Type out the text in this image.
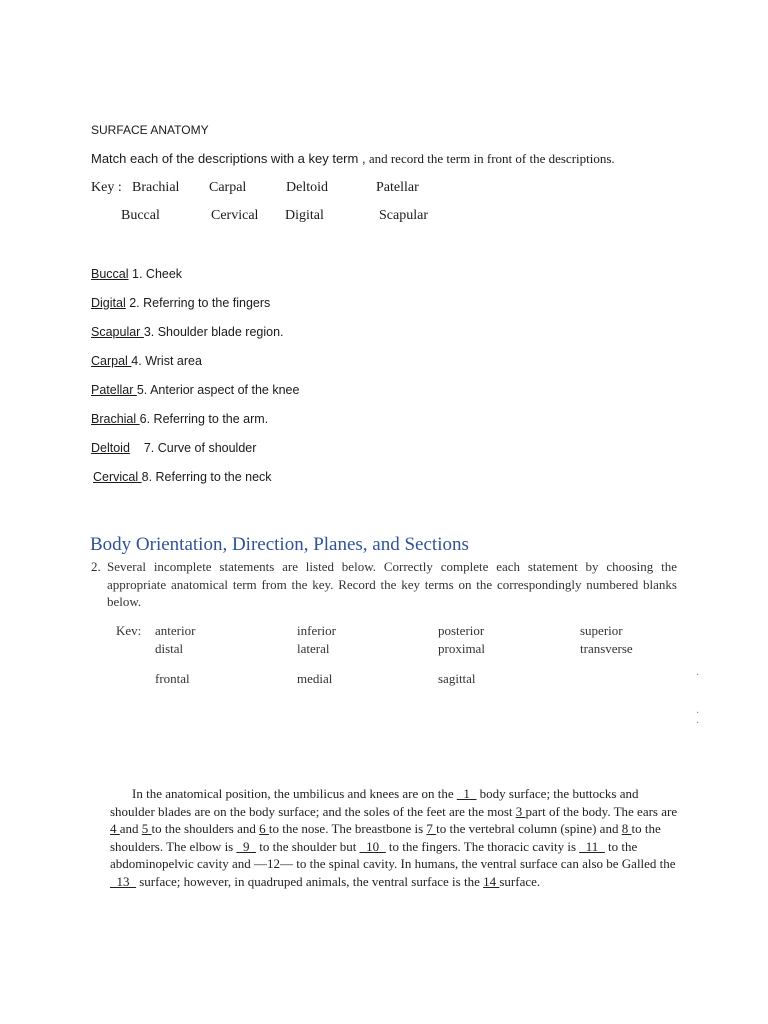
SURFACE ANATOMY
Match each of the descriptions with a key term , and record the term in front of the descriptions.
Key : Brachial Carpal	Deltoid	Patellar
Buccal	Cervical Digital	Scapular
Buccal 1. Cheek
Digital 2. Referring to the fingers
Scapular 3. Shoulder blade region.
Carpal 4. Wrist area
Patellar 5. Anterior aspect of the knee
Brachial 6. Referring to the arm.
Deltoid 7. Curve of shoulder
Cervical 8. Referring to the neck
Body Orientation, Direction, Planes, and Sections
2. Several incomplete statements are listed below. Correctly complete each statement by choosing the appropriate anatomical term from the key. Record the key terms on the correspondingly numbered blanks below.
Kev: anterior	inferior	posterior	superior
distal	lateral	proximal	transverse
frontal	medial	sagittal	·
·
·
In the anatomical position, the umbilicus and knees are on the _1_ body surface; the buttocks and shoulder blades are on the body surface; and the soles of the feet are the most 3 part of the body. The ears are 4 and 5 to the shoulders and 6 to the nose. The breastbone is 7 to the vertebral column (spine) and 8 to the shoulders. The elbow is _9_ to the shoulder but _10_ to the fingers. The thoracic cavity is _11_ to the abdominopelvic cavity and —12— to the spinal cavity. In humans, the ventral surface can also be Galled the _13_ surface; however, in quadruped animals, the ventral surface is the 14 surface.
